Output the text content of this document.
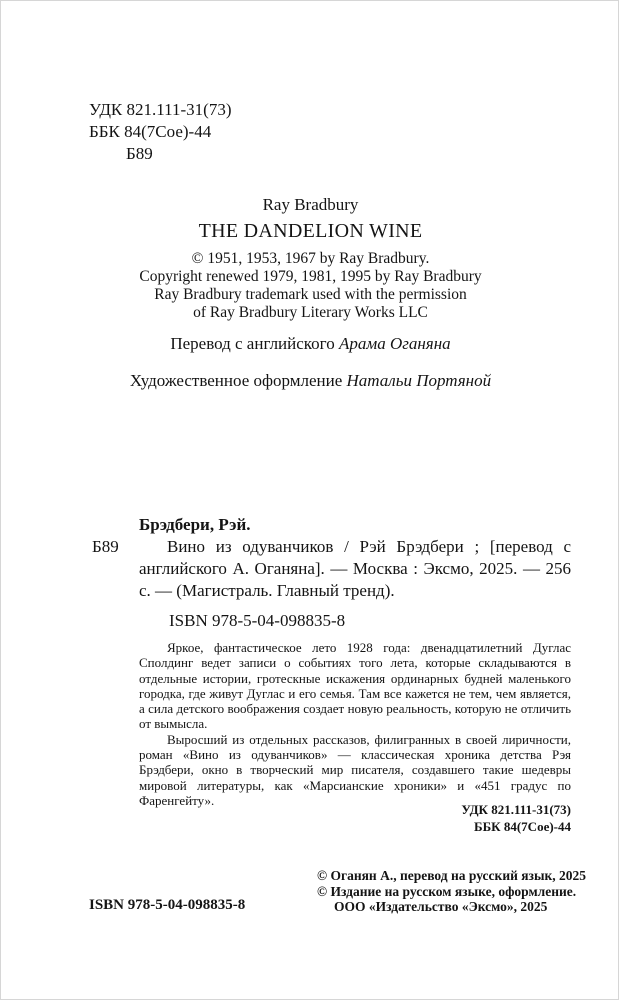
УДК 821.111-31(73)
ББК 84(7Сое)-44
Б89
Ray Bradbury
THE DANDELION WINE
© 1951, 1953, 1967 by Ray Bradbury.
Copyright renewed 1979, 1981, 1995 by Ray Bradbury
Ray Bradbury trademark used with the permission
of Ray Bradbury Literary Works LLC
Перевод с английского Арама Оганяна
Художественное оформление Натальи Портяной
Брэдбери, Рэй.
Б89	Вино из одуванчиков / Рэй Брэдбери ; [перевод с английского А. Оганяна]. — Москва : Эксмо, 2025. — 256 с. — (Магистраль. Главный тренд).

ISBN 978-5-04-098835-8

Яркое, фантастическое лето 1928 года: двенадцатилетний Дуглас Сполдинг ведет записи о событиях того лета, которые складываются в отдельные истории, гротескные искажения ординарных будней маленького городка, где живут Дуглас и его семья. Там все кажется не тем, чем является, а сила детского воображения создает новую реальность, которую не отличить от вымысла.

Выросший из отдельных рассказов, филигранных в своей лиричности, роман «Вино из одуванчиков» — классическая хроника детства Рэя Брэдбери, окно в творческий мир писателя, создавшего такие шедевры мировой литературы, как «Марсианские хроники» и «451 градус по Фаренгейту».

УДК 821.111-31(73)
ББК 84(7Сое)-44
ISBN 978-5-04-098835-8
© Оганян А., перевод на русский язык, 2025
© Издание на русском языке, оформление.
ООО «Издательство «Эксмо», 2025
